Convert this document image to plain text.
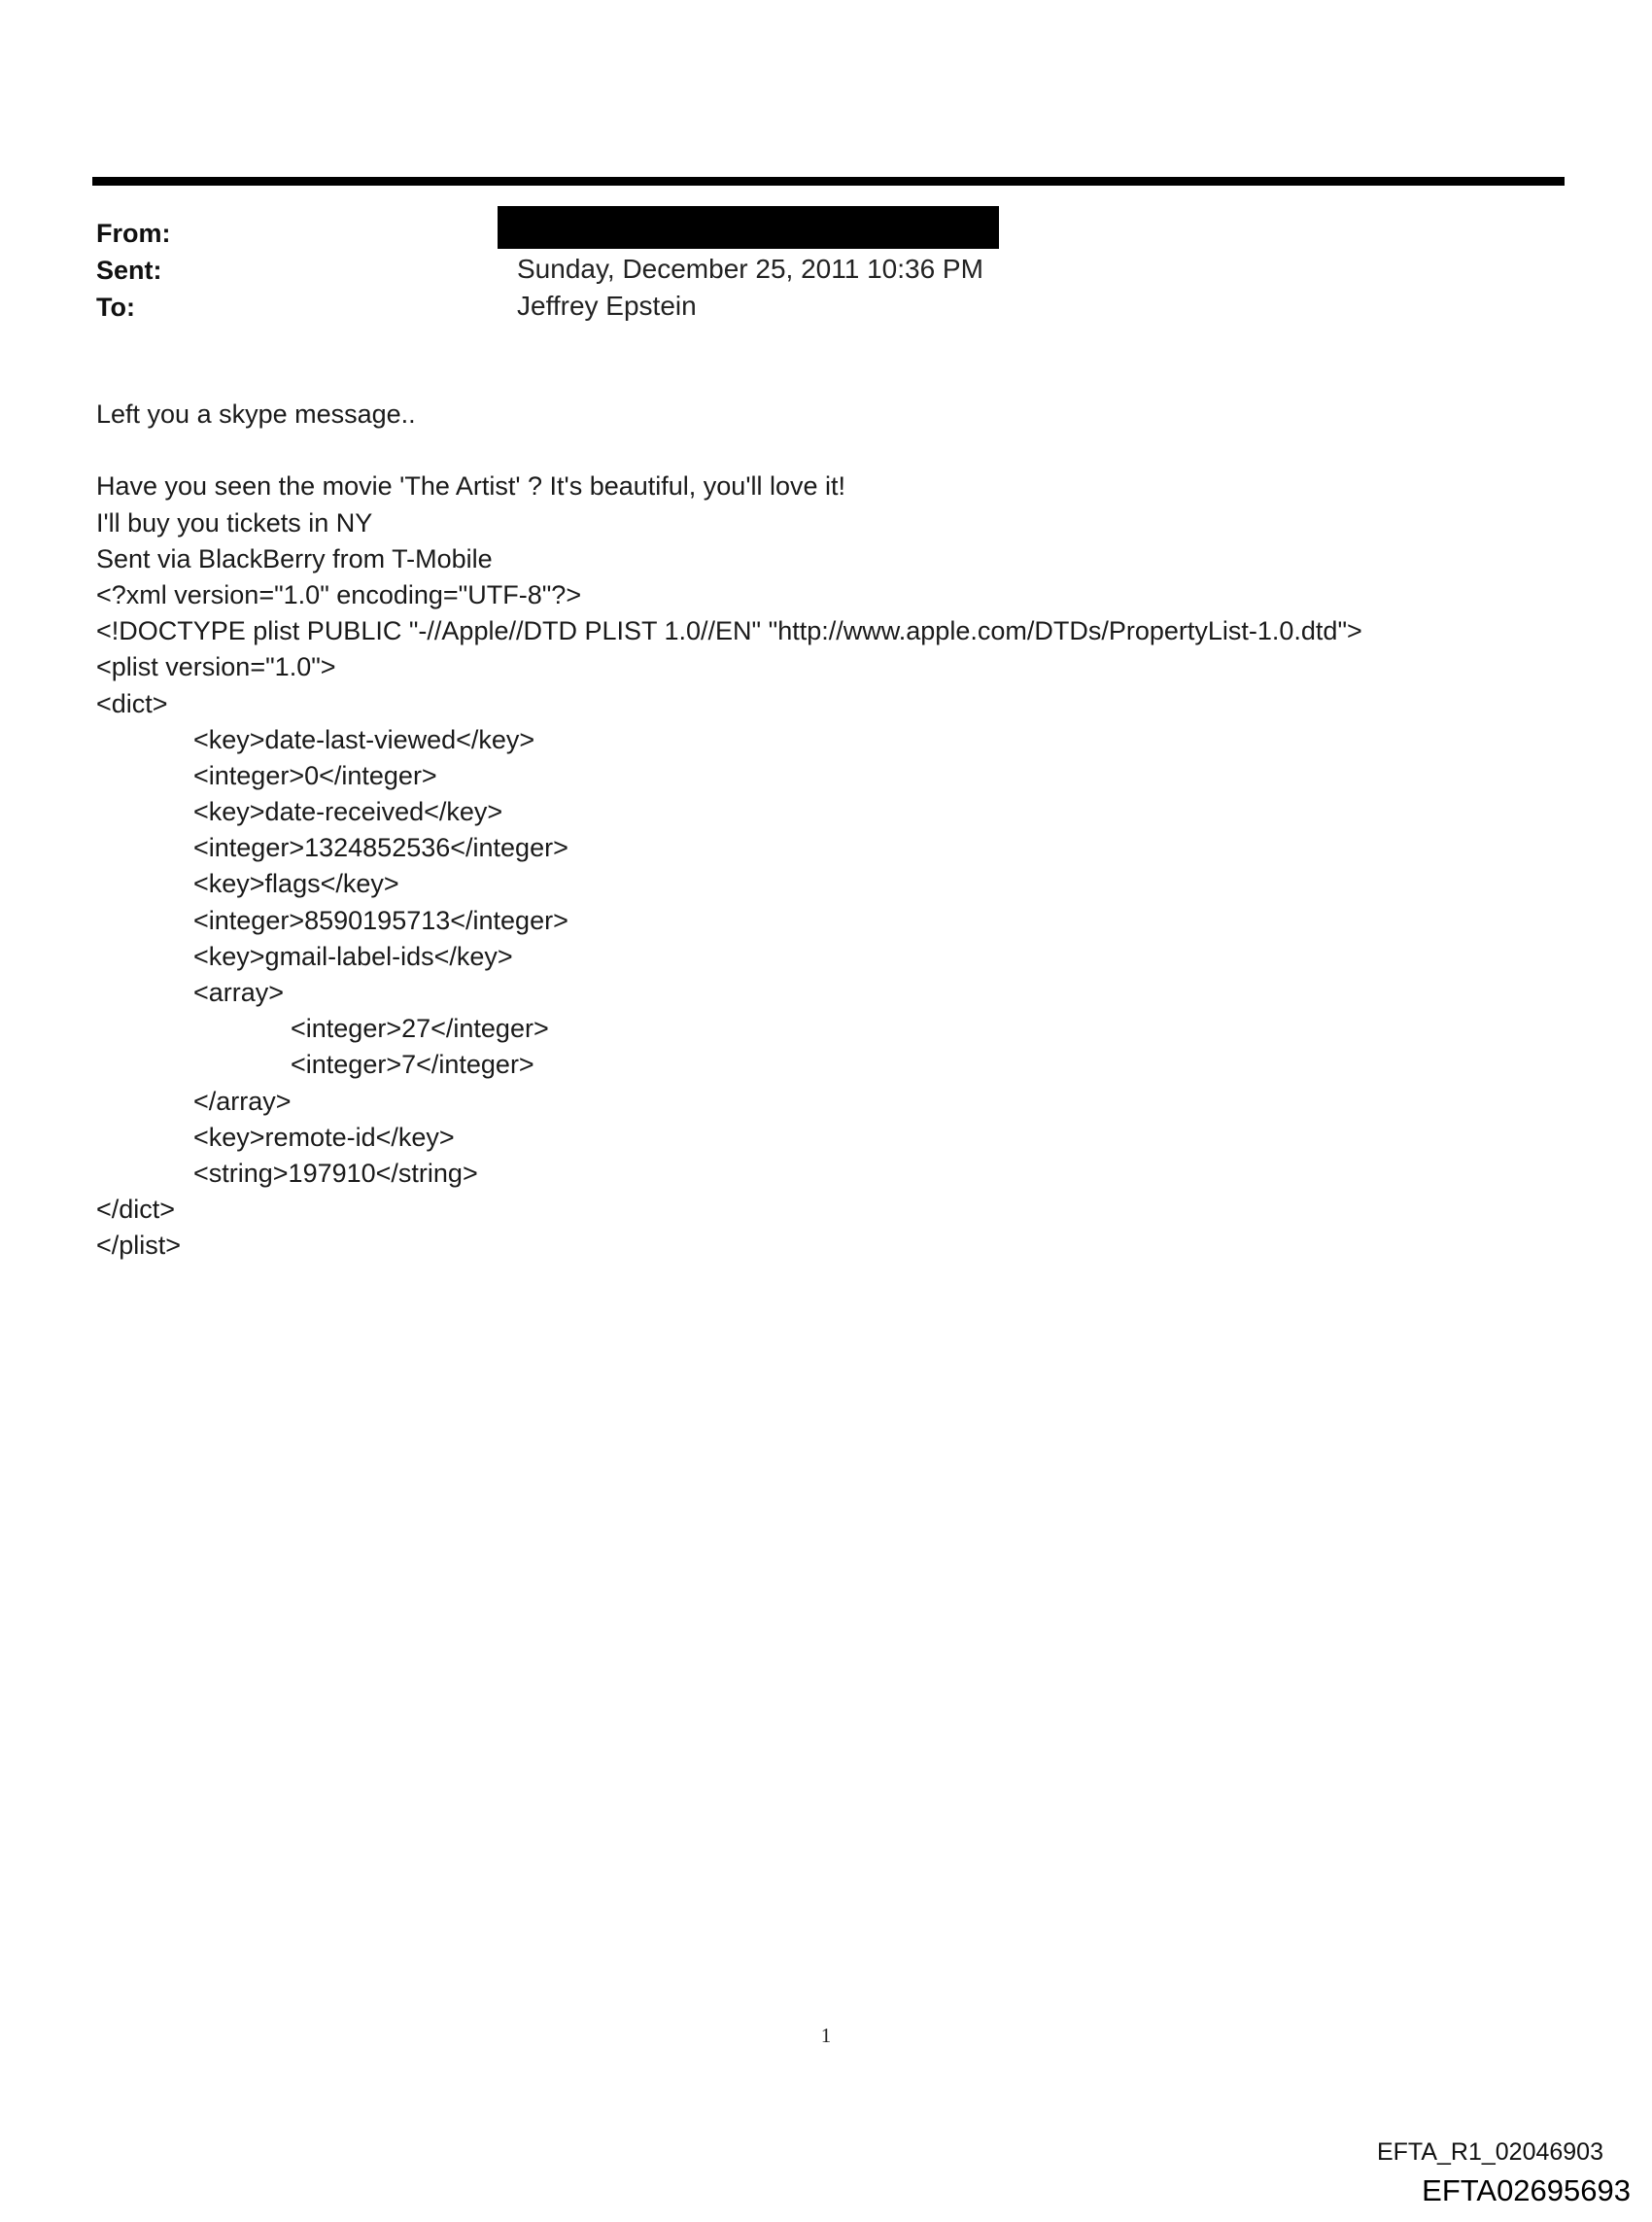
From:
Sent:	Sunday, December 25, 2011 10:36 PM
To:	Jeffrey Epstein
Left you a skype message..
Have you seen the movie 'The Artist' ? It's beautiful, you'll love it!
I'll buy you tickets in NY
Sent via BlackBerry from T-Mobile
<?xml version="1.0" encoding="UTF-8"?>
<!DOCTYPE plist PUBLIC "-//Apple//DTD PLIST 1.0//EN" "http://www.apple.com/DTDs/PropertyList-1.0.dtd">
<plist version="1.0">
<dict>
<key>date-last-viewed</key>
<integer>0</integer>
<key>date-received</key>
<integer>1324852536</integer>
<key>flags</key>
<integer>8590195713</integer>
<key>gmail-label-ids</key>
<array>
<integer>27</integer>
<integer>7</integer>
</array>
<key>remote-id</key>
<string>197910</string>
</dict>
</plist>
1
EFTA_R1_02046903
EFTA02695693
